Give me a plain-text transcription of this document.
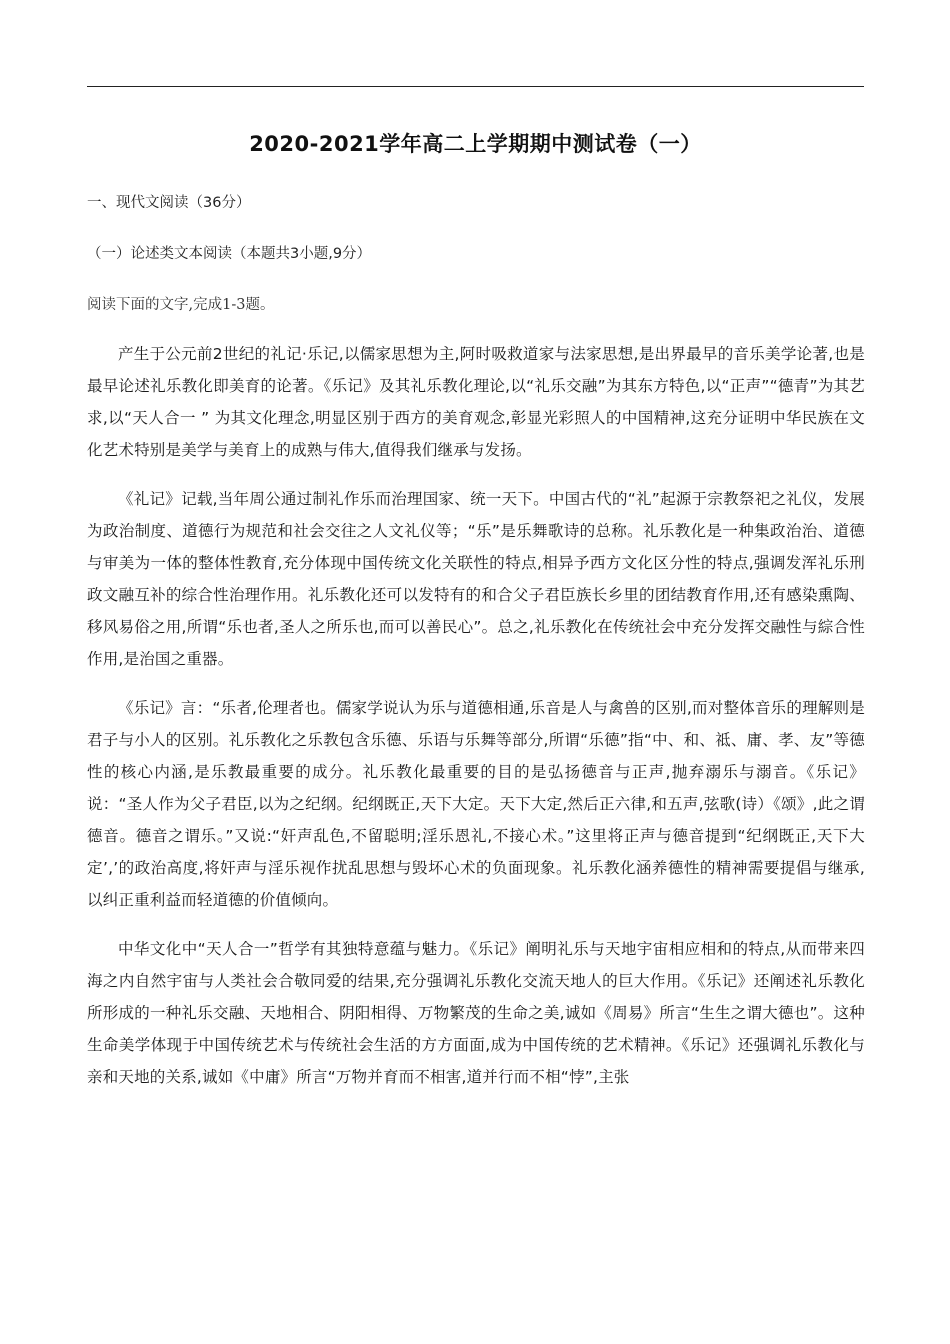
2020-2021学年高二上学期期中测试卷（一）
一、现代文阅读（36分）
（一）论述类文本阅读（本题共3小题,9分）
阅读下面的文字,完成1-3题。

产生于公元前2世纪的礼记·乐记,以儒家思想为主,阿时吸救道家与法家思想,是出界最早的音乐美学论著,也是最早论述礼乐教化即美育的论著。《乐记》及其礼乐教化理论,以“礼乐交融”为其东方特色,以“正声”“德青”为其艺求,以“天人合一 ” 为其文化理念,明显区别于西方的美育观念,彰显光彩照人的中国精神,这充分证明中华民族在文化艺术特别是美学与美育上的成熟与伟大,值得我们继承与发扬。

《礼记》记载,当年周公通过制礼作乐而治理国家、统一天下。中国古代的“礼”起源于宗教祭祀之礼仪，发展为政治制度、道德行为规范和社会交往之人文礼仪等；“乐”是乐舞歌诗的总称。礼乐教化是一种集政治治、道德与审美为一体的整体性教育,充分体现中国传统文化关联性的特点,相异予西方文化区分性的特点,强调发浑礼乐刑政文融互补的综合性治理作用。礼乐教化还可以发特有的和合父子君臣族长乡里的团结教育作用,还有感染熏陶、移风易俗之用,所谓“乐也者,圣人之所乐也,而可以善民心”。总之,礼乐教化在传统社会中充分发挥交融性与綜合性作用,是治国之重器。

《乐记》言：“乐者,伦理者也。儒家学说认为乐与道德相通,乐音是人与禽兽的区别,而对整体音乐的理解则是君子与小人的区别。礼乐教化之乐教包含乐德、乐语与乐舞等部分,所谓“乐德”指“中、和、祗、庸、孝、友”等德性的核心内涵,是乐教最重要的成分。礼乐教化最重要的目的是弘扬德音与正声,抛弃溺乐与溺音。《乐记》说：“圣人作为父子君臣,以为之纪纲。纪纲既正,天下大定。天下大定,然后正六律,和五声,弦歌(诗）《颂》,此之谓德音。德音之谓乐。”又说:“奸声乱色,不留聪明;淫乐恩礼,不接心术。”这里将正声与德音提到“纪纲既正,天下大定’,’的政治高度,将奸声与淫乐视作扰乱思想与毁坏心术的负面现象。礼乐教化涵养德性的精神需要提倡与继承,以纠正重利益而轻道德的价值倾向。

中华文化中“天人合一”哲学有其独特意蕴与魅力。《乐记》阐明礼乐与天地宇宙相应相和的特点,从而带来四海之内自然宇宙与人类社会合敬同爱的结果,充分强调礼乐教化交流天地人的巨大作用。《乐记》还阐述礼乐教化所形成的一种礼乐交融、天地相合、阴阳相得、万物繁茂的生命之美,诚如《周易》所言“生生之谓大德也”。这种生命美学体现于中国传统艺术与传统社会生活的方方面面,成为中国传统的艺术精神。《乐记》还强调礼乐教化与亲和天地的关系,诚如《中庸》所言“万物并育而不相害,道并行而不相“悖”,主张
